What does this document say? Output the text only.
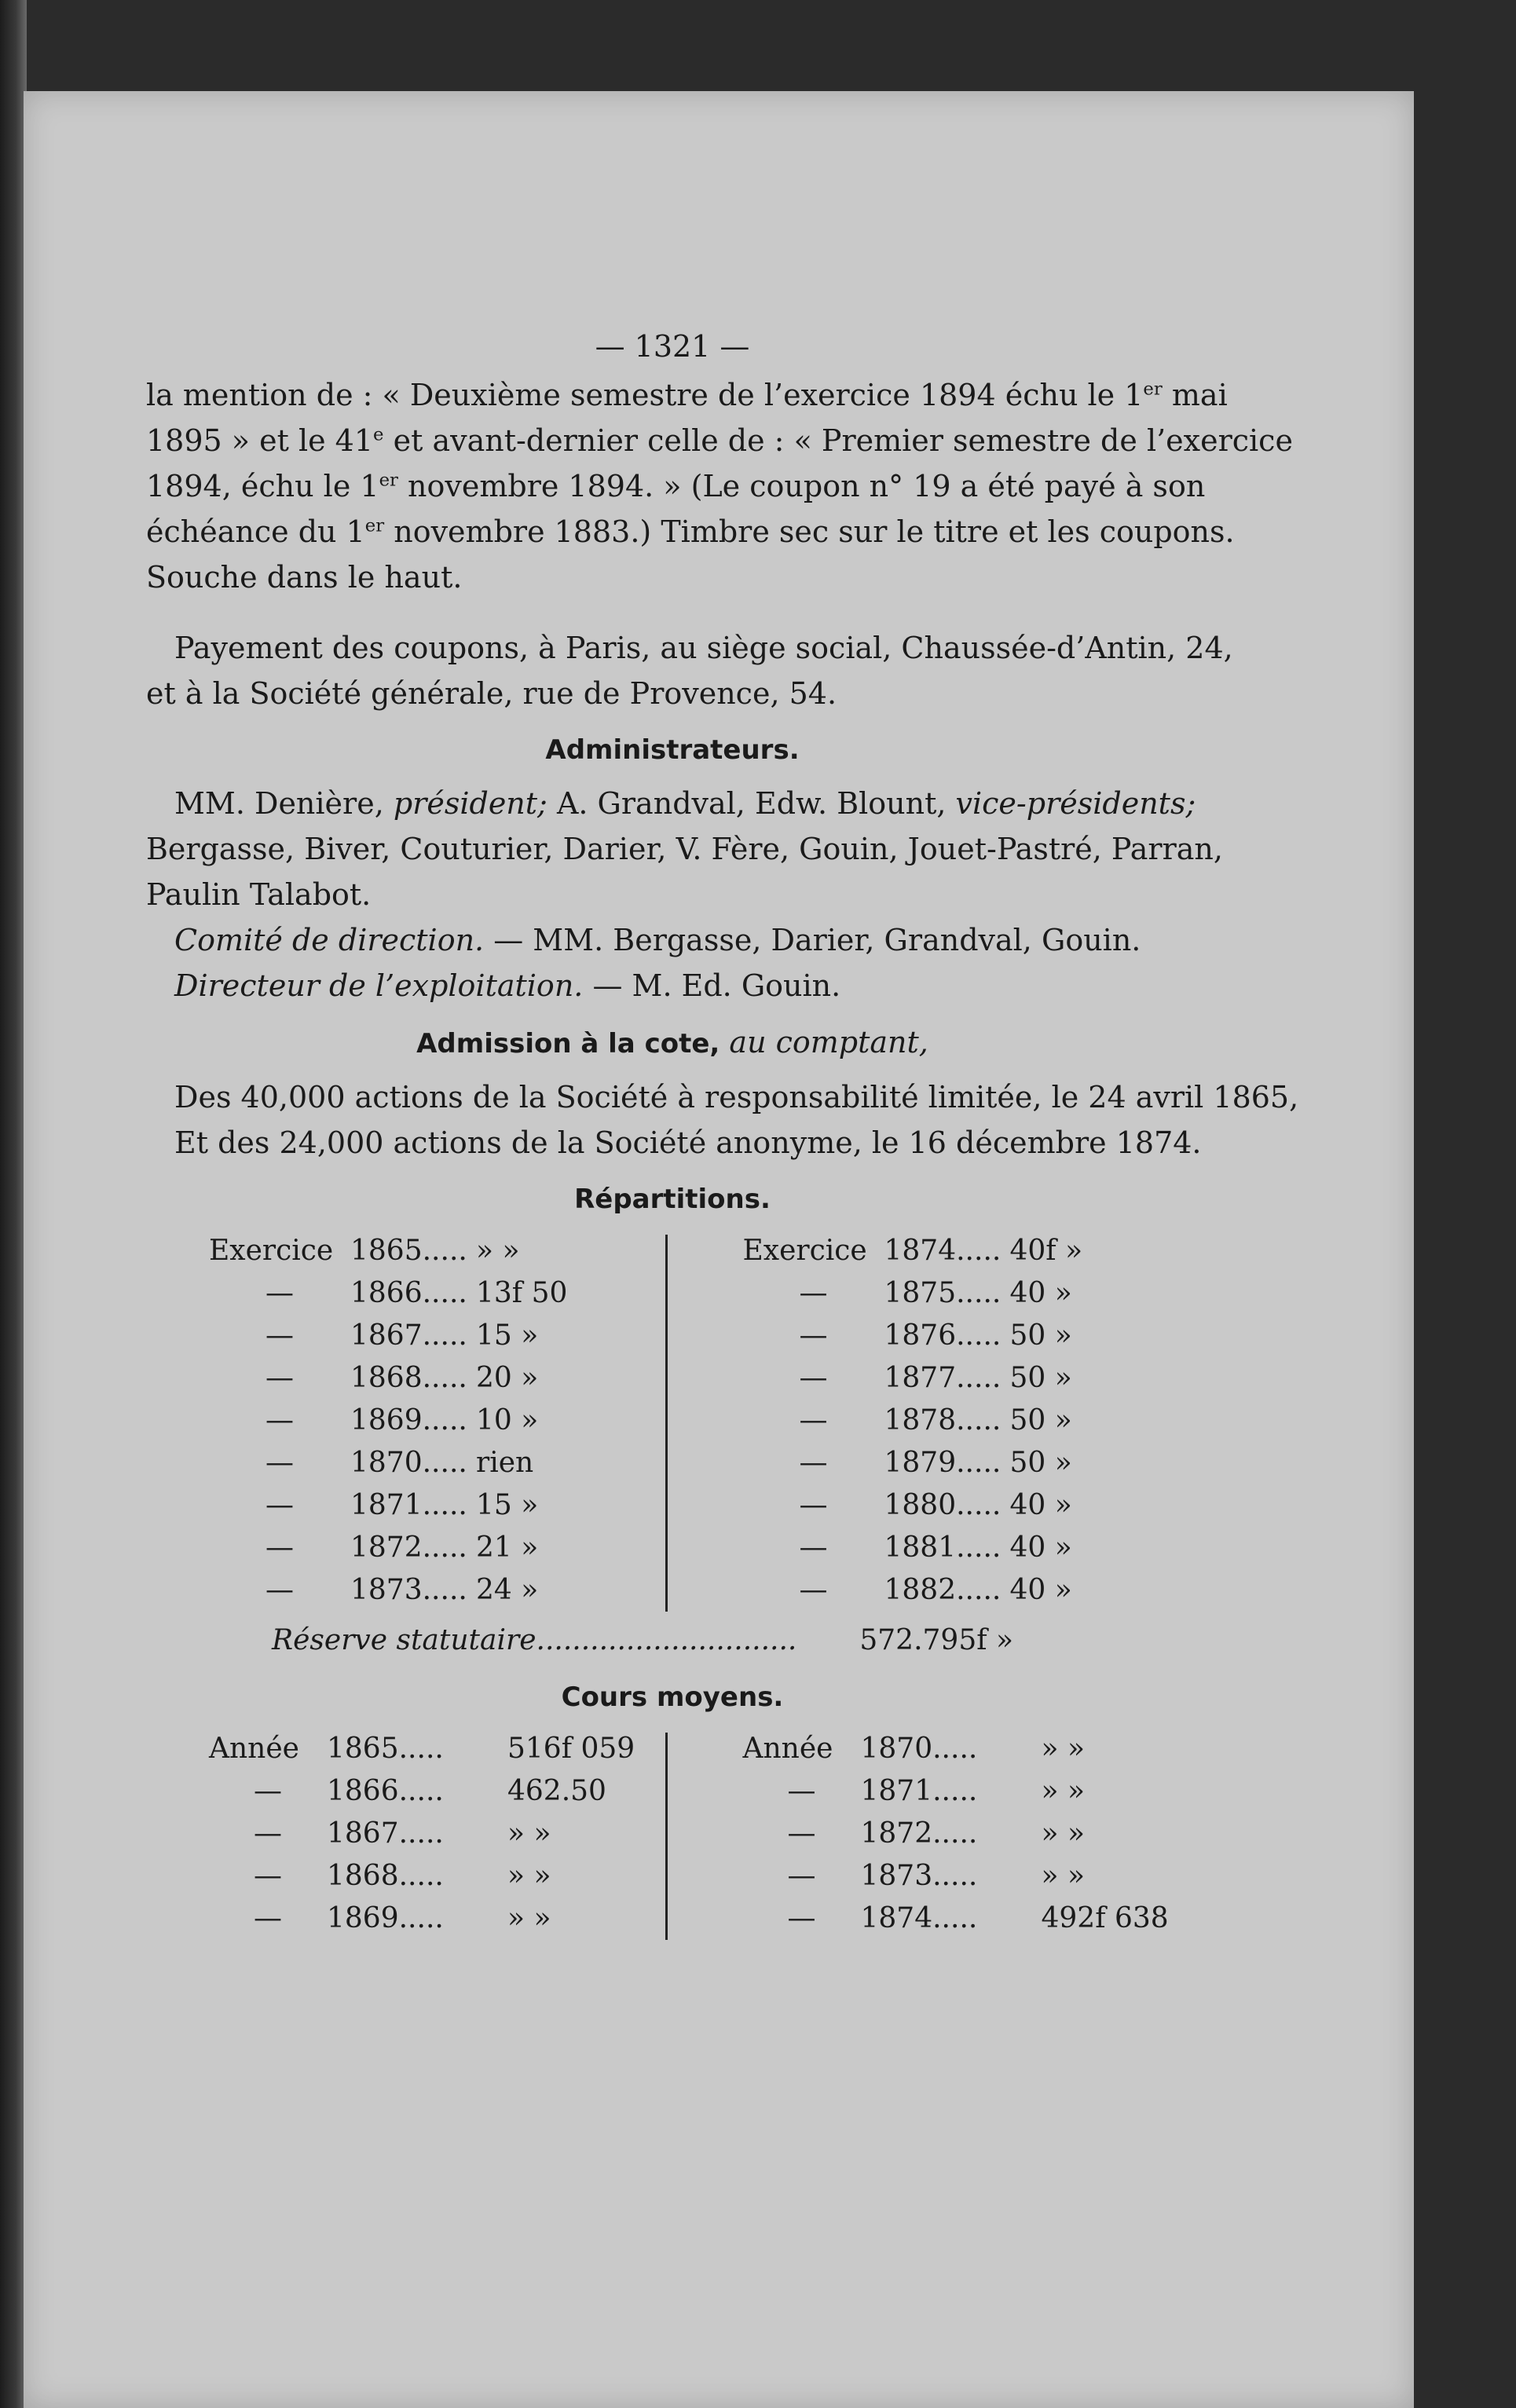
— 1321 —

la mention de : « Deuxième semestre de l’exercice 1894 échu le 1er mai
1895 » et le 41e et avant-dernier celle de : « Premier semestre de l’exercice
1894, échu le 1er novembre 1894. » (Le coupon n° 19 a été payé à son
échéance du 1er novembre 1883.) Timbre sec sur le titre et les coupons.
Souche dans le haut.

Payement des coupons, à Paris, au siège social, Chaussée-d’Antin, 24,
et à la Société générale, rue de Provence, 54.

Administrateurs.

MM. Denière, président; A. Grandval, Edw. Blount, vice-présidents;
Bergasse, Biver, Couturier, Darier, V. Fère, Gouin, Jouet-Pastré, Parran,
Paulin Talabot.
Comité de direction. — MM. Bergasse, Darier, Grandval, Gouin.
Directeur de l’exploitation. — M. Ed. Gouin.

Admission à la cote, au comptant,

Des 40,000 actions de la Société à responsabilité limitée, le 24 avril 1865,
Et des 24,000 actions de la Société anonyme, le 16 décembre 1874.

Répartitions.
Exercice 1865..... » »
—	1866..... 13f 50
—	1867..... 15 »
—	1868..... 20 »
—	1869..... 10 »
—	1870..... rien
—	1871..... 15 »
—	1872..... 21 »
—	1873..... 24 »
Exercice 1874..... 40f »
—	1875..... 40 »
—	1876..... 50 »
—	1877..... 50 »
—	1878..... 50 »
—	1879..... 50 »
—	1880..... 40 »
—	1881..... 40 »
—	1882..... 40 »
Réserve statutaire............................. 572.795f »
Cours moyens.
Année 1865.....	516f 059
—	1866.....	462.50
—	1867.....	» »
—	1868.....	» »
—	1869.....	» »
Année 1870.....	» »
—	1871.....	» »
—	1872.....	» »
—	1873.....	» »
—	1874.....	492f 638
